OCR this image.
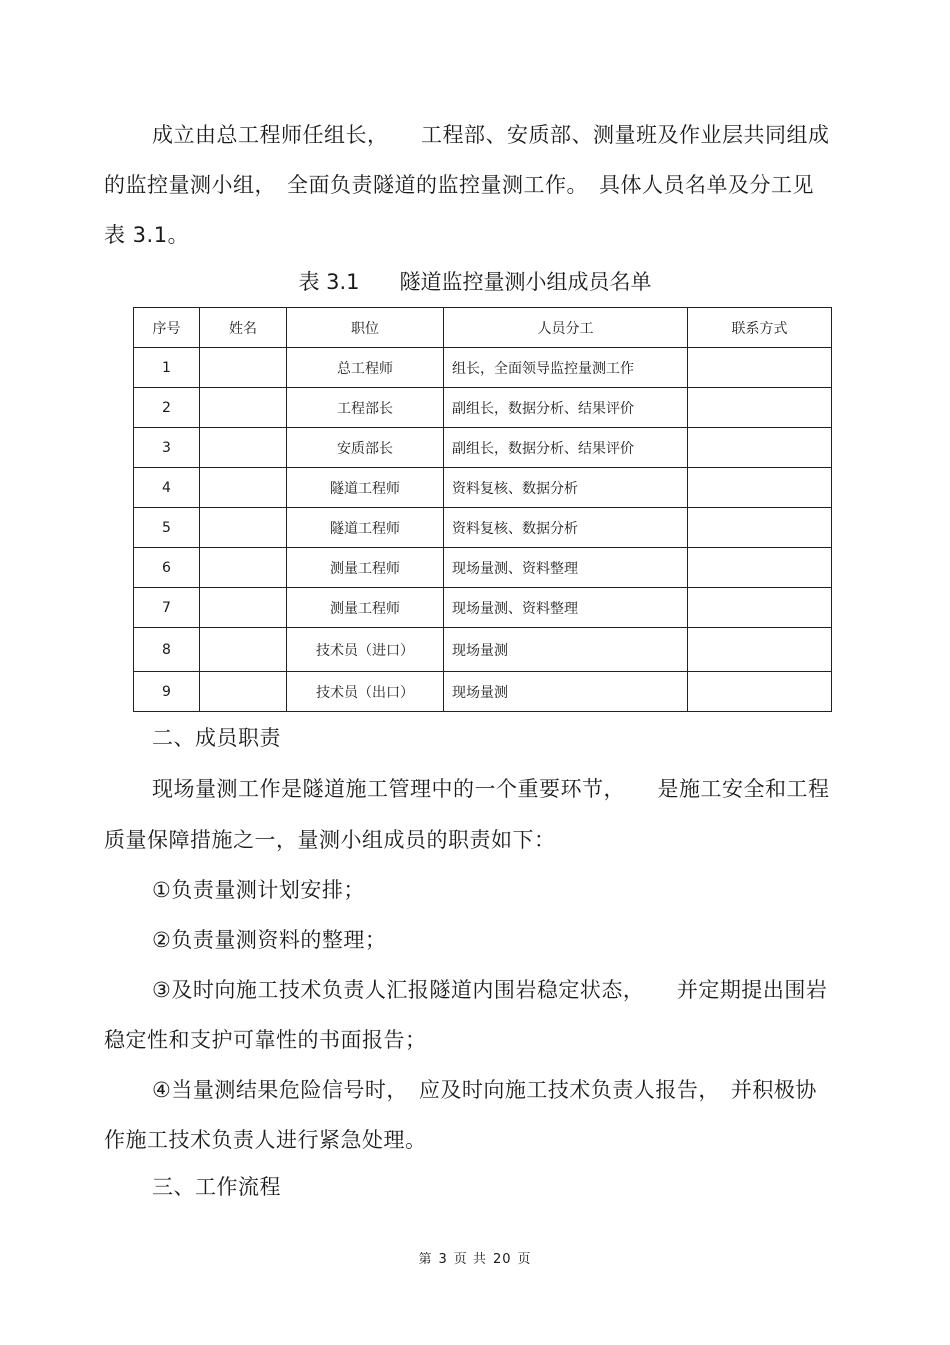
成立由总工程师任组长，　　工程部、安质部、测量班及作业层共同组成
的监控量测小组，　全面负责隧道的监控量测工作。　具体人员名单及分工见
表 3.1。
表 3.1 隧道监控量测小组成员名单
序号	姓名	职位	人员分工	联系方式
1		总工程师	组长，全面领导监控量测工作	
2		工程部长	副组长，数据分析、结果评价	
3		安质部长	副组长，数据分析、结果评价	
4		隧道工程师	资料复核、数据分析	
5		隧道工程师	资料复核、数据分析	
6		测量工程师	现场量测、资料整理	
7		测量工程师	现场量测、资料整理	
8		技术员（进口）	现场量测	
9		技术员（出口）	现场量测	
二、成员职责
现场量测工作是隧道施工管理中的一个重要环节，　　是施工安全和工程
质量保障措施之一，量测小组成员的职责如下：
①负责量测计划安排；
②负责量测资料的整理；
③及时向施工技术负责人汇报隧道内围岩稳定状态，　　并定期提出围岩
稳定性和支护可靠性的书面报告；
④当量测结果危险信号时，　应及时向施工技术负责人报告，　并积极协
作施工技术负责人进行紧急处理。
三、工作流程
第 3 页 共 20 页
